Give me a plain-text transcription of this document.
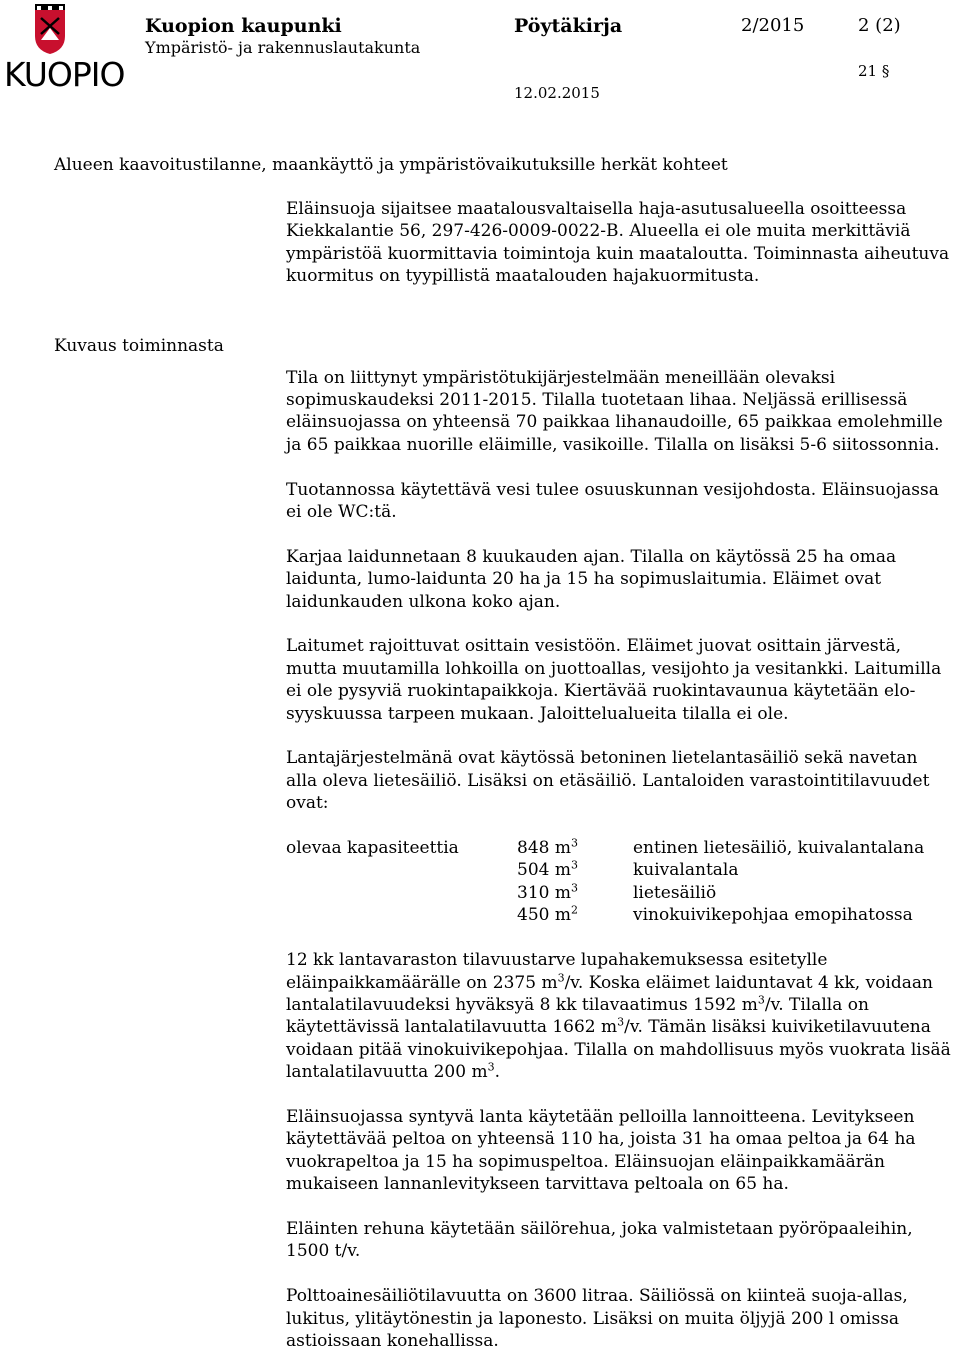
KUOPIO
Kuopion kaupunki
Ympäristö- ja rakennuslautakunta
Pöytäkirja	2/2015	2 (2)
21 §
12.02.2015
Alueen kaavoitustilanne, maankäyttö ja ympäristövaikutuksille herkät kohteet
Kuvaus toiminnasta

Eläinsuoja sijaitsee maatalousvaltaisella haja-asutusalueella osoitteessa Kiekkalantie 56, 297-426-0009-0022-B. Alueella ei ole muita merkittäviä ympäristöä kuormittavia toimintoja kuin maataloutta. Toiminnasta aiheutuva kuormitus on tyypillistä maatalouden hajakuormitusta.

Tila on liittynyt ympäristötukijärjestelmään meneillään olevaksi sopimuskaudeksi 2011-2015. Tilalla tuotetaan lihaa. Neljässä erillisessä eläinsuojassa on yhteensä 70 paikkaa lihanaudoille, 65 paikkaa emolehmille ja 65 paikkaa nuorille eläimille, vasikoille. Tilalla on lisäksi 5-6 siitossonnia.

Tuotannossa käytettävä vesi tulee osuuskunnan vesijohdosta. Eläinsuojassa ei ole WC:tä.

Karjaa laidunnetaan 8 kuukauden ajan. Tilalla on käytössä 25 ha omaa laidunta, lumo-laidunta 20 ha ja 15 ha sopimuslaitumia. Eläimet ovat laidunkauden ulkona koko ajan.

Laitumet rajoittuvat osittain vesistöön. Eläimet juovat osittain järvestä, mutta muutamilla lohkoilla on juottoallas, vesijohto ja vesitankki. Laitumilla ei ole pysyviä ruokintapaikkoja. Kiertävää ruokintavaunua käytetään elo-syyskuussa tarpeen mukaan. Jaloittelualueita tilalla ei ole.

Lantajärjestelmänä ovat käytössä betoninen lietelantasäiliö sekä navetan alla oleva lietesäiliö. Lisäksi on etäsäiliö. Lantaloiden varastointitilavuudet ovat:

olevaa kapasiteettia	848 $m^3$	entinen lietesäiliö, kuivalantalana
	504 $m^3$	kuivalantala
	310 $m^3$	lietesäiliö
	450 $m^2$	vinokuivikepohjaa emopihatossa

12 kk lantavaraston tilavuustarve lupahakemuksessa esitetylle eläinpaikkamäärälle on 2375 $m^3/v$. Koska eläimet laiduntavat 4 kk, voidaan lantalatilavuudeksi hyväksyä 8 kk tilavaatimus 1592 $m^3/v$. Tilalla on käytettävissä lantalatilavuutta 1662 $m^3/v$. Tämän lisäksi kuiviketilavuutena voidaan pitää vinokuivikepohjaa. Tilalla on mahdollisuus myös vuokrata lisää lantalatilavuutta 200 $m^3$.

Eläinsuojassa syntyvä lanta käytetään pelloilla lannoitteena. Levitykseen käytettävää peltoa on yhteensä 110 ha, joista 31 ha omaa peltoa ja 64 ha vuokrapeltoa ja 15 ha sopimuspeltoa. Eläinsuojan eläinpaikkamäärän mukaiseen lannanlevitykseen tarvittava peltoala on 65 ha.

Eläinten rehuna käytetään säilörehua, joka valmistetaan pyöröpaaleihin, 1500 t/v.

Polttoainesäiliötilavuutta on 3600 litraa. Säiliössä on kiinteä suoja-allas, lukitus, ylitäytönestin ja laponesto. Lisäksi on muita öljyjä 200 l omissa astioissaan konehallissa.
